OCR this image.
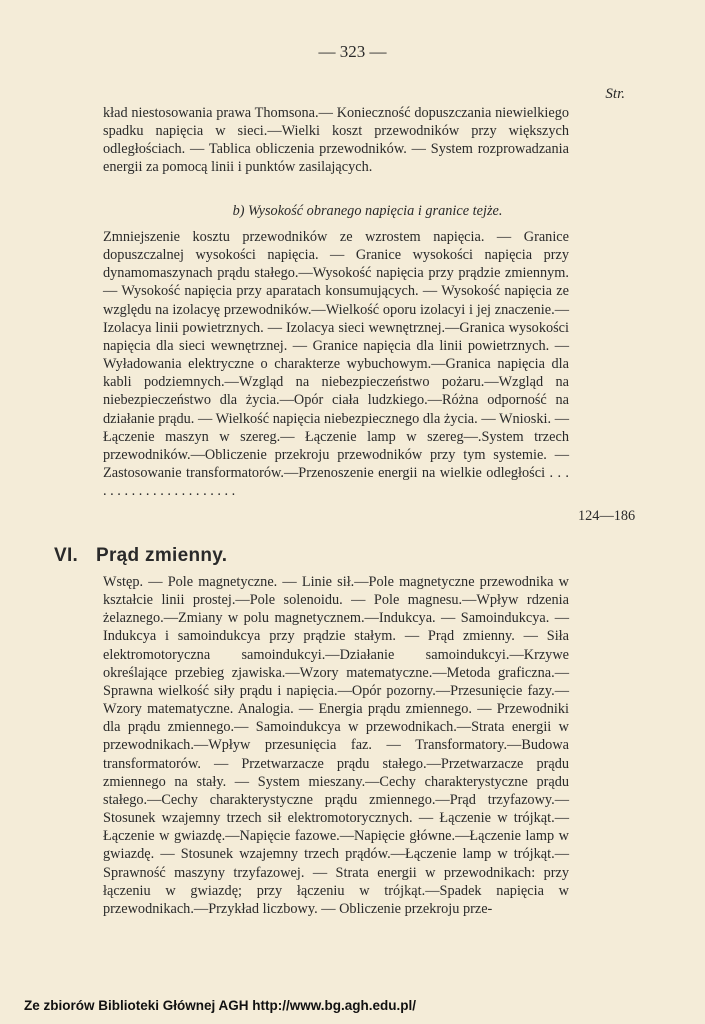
— 323 —
Str.

kład niestosowania prawa Thomsona.— Konieczność dopuszczania niewielkiego spadku napięcia w sieci.—Wielki koszt przewodników przy większych odległościach. — Tablica obliczenia przewodników. — System rozprowadzania energii za pomocą linii i punktów zasilających.

b) Wysokość obranego napięcia i granice tejże.

Zmniejszenie kosztu przewodników ze wzrostem napięcia. — Granice dopuszczalnej wysokości napięcia. — Granice wysokości napięcia przy dynamomaszynach prądu stałego.—Wysokość napięcia przy prądzie zmiennym. — Wysokość napięcia przy aparatach konsumujących. — Wysokość napięcia ze względu na izolacyę przewodników.—Wielkość oporu izolacyi i jej znaczenie.—Izolacya linii powietrznych. — Izolacya sieci wewnętrznej.—Granica wysokości napięcia dla sieci wewnętrznej. — Granice napięcia dla linii powietrznych. — Wyładowania elektryczne o charakterze wybuchowym.—Granica napięcia dla kabli podziemnych.—Wzgląd na niebezpieczeństwo pożaru.—Wzgląd na niebezpieczeństwo dla życia.—Opór ciała ludzkiego.—Różna odporność na działanie prądu. — Wielkość napięcia niebezpiecznego dla życia. — Wnioski. — Łączenie maszyn w szereg.— Łączenie lamp w szereg—.System trzech przewodników.—Obliczenie przekroju przewodników przy tym systemie. — Zastosowanie transformatorów.—Przenoszenie energii na wielkie odległości . . . . . . . . . . . . . . . . . . . . . .

124—186
VI. Prąd zmienny.

Wstęp. — Pole magnetyczne. — Linie sił.—Pole magnetyczne przewodnika w kształcie linii prostej.—Pole solenoidu. — Pole magnesu.—Wpływ rdzenia żelaznego.—Zmiany w polu magnetycznem.—Indukcya. — Samoindukcya. — Indukcya i samoindukcya przy prądzie stałym. — Prąd zmienny. — Siła elektromotoryczna samoindukcyi.—Działanie samoindukcyi.—Krzywe określające przebieg zjawiska.—Wzory matematyczne.—Metoda graficzna.—Sprawna wielkość siły prądu i napięcia.—Opór pozorny.—Przesunięcie fazy.—Wzory matematyczne. Analogia. — Energia prądu zmiennego. — Przewodniki dla prądu zmiennego.— Samoindukcya w przewodnikach.—Strata energii w przewodnikach.—Wpływ przesunięcia faz. — Transformatory.—Budowa transformatorów. — Przetwarzacze prądu stałego.—Przetwarzacze prądu zmiennego na stały. — System mieszany.—Cechy charakterystyczne prądu stałego.—Cechy charakterystyczne prądu zmiennego.—Prąd trzyfazowy.—Stosunek wzajemny trzech sił elektromotorycznych. — Łączenie w trójkąt.—Łączenie w gwiazdę.—Napięcie fazowe.—Napięcie główne.—Łączenie lamp w gwiazdę. — Stosunek wzajemny trzech prądów.—Łączenie lamp w trójkąt.—Sprawność maszyny trzyfazowej. — Strata energii w przewodnikach: przy łączeniu w gwiazdę; przy łączeniu w trójkąt.—Spadek napięcia w przewodnikach.—Przykład liczbowy. — Obliczenie przekroju prze-

Ze zbiorów Biblioteki Głównej AGH http://www.bg.agh.edu.pl/
